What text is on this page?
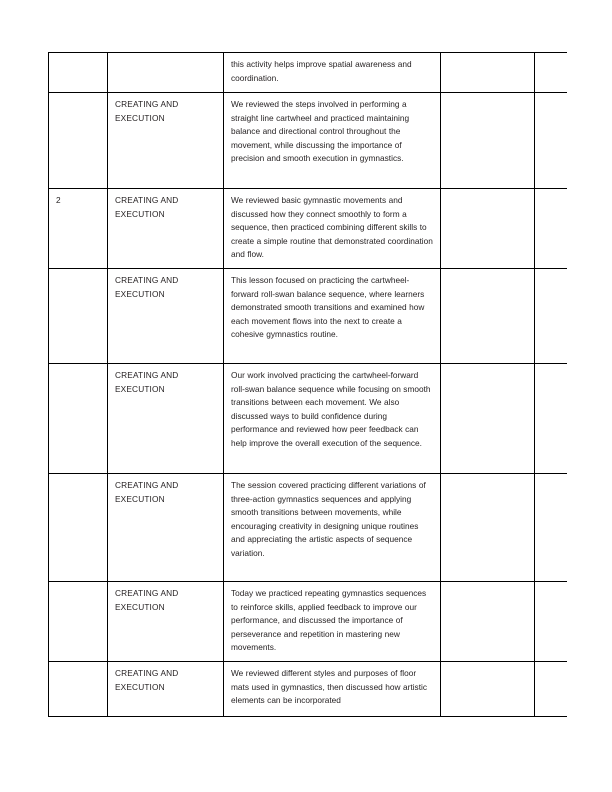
		this activity helps improve spatial awareness and coordination.		
	CREATING AND EXECUTION	We reviewed the steps involved in performing a straight line cartwheel and practiced maintaining balance and directional control throughout the movement, while discussing the importance of precision and smooth execution in gymnastics.		
2	CREATING AND EXECUTION	We reviewed basic gymnastic movements and discussed how they connect smoothly to form a sequence, then practiced combining different skills to create a simple routine that demonstrated coordination and flow.		
	CREATING AND EXECUTION	This lesson focused on practicing the cartwheel-forward roll-swan balance sequence, where learners demonstrated smooth transitions and examined how each movement flows into the next to create a cohesive gymnastics routine.		
	CREATING AND EXECUTION	Our work involved practicing the cartwheel-forward roll-swan balance sequence while focusing on smooth transitions between each movement. We also discussed ways to build confidence during performance and reviewed how peer feedback can help improve the overall execution of the sequence.		
	CREATING AND EXECUTION	The session covered practicing different variations of three-action gymnastics sequences and applying smooth transitions between movements, while encouraging creativity in designing unique routines and appreciating the artistic aspects of sequence variation.		
	CREATING AND EXECUTION	Today we practiced repeating gymnastics sequences to reinforce skills, applied feedback to improve our performance, and discussed the importance of perseverance and repetition in mastering new movements.		
	CREATING AND EXECUTION	We reviewed different styles and purposes of floor mats used in gymnastics, then discussed how artistic elements can be incorporated		
